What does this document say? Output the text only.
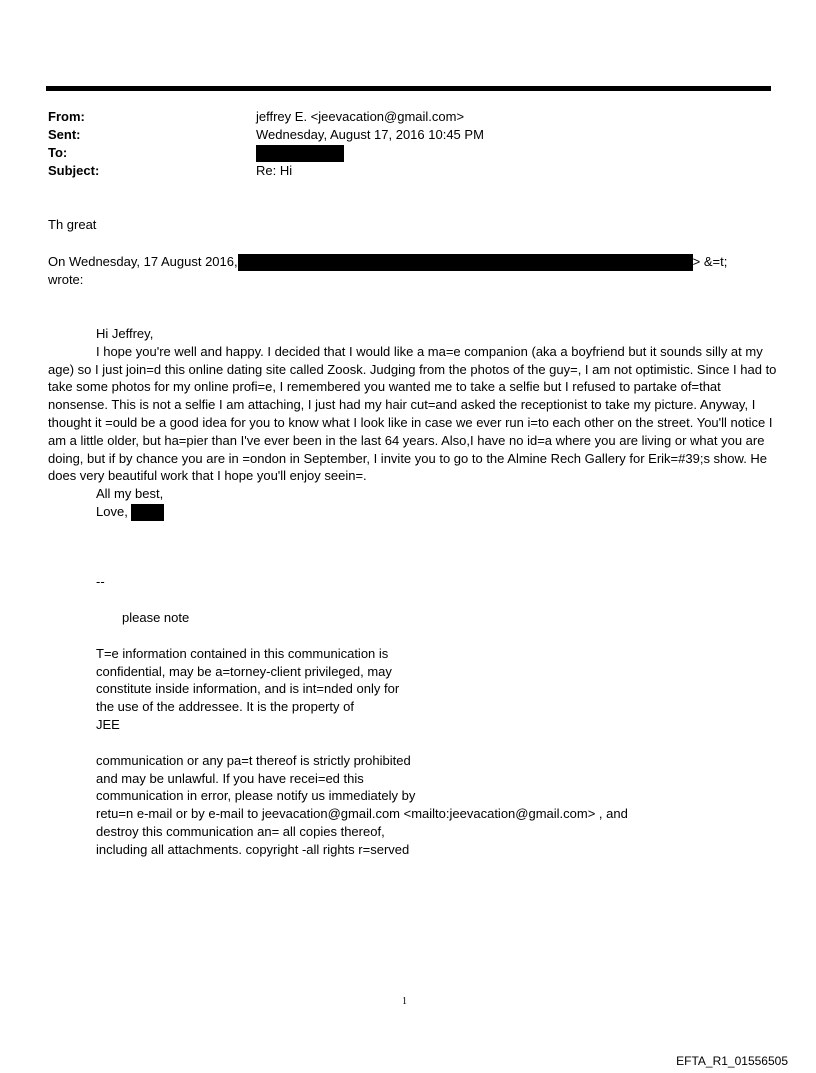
From:	jeffrey E. <jeevacation@gmail.com>
Sent:	Wednesday, August 17, 2016 10:45 PM
To:
Subject:	Re: Hi
Th great
On Wednesday, 17 August 2016,	> &=t;
wrote:

Hi Jeffrey,

I hope you're well and happy. I decided that I would like a ma=e companion (aka a boyfriend but it sounds silly at my age) so I just join=d this online dating site called Zoosk. Judging from the photos of the guy=, I am not optimistic. Since I had to take some photos for my online profi=e, I remembered you wanted me to take a selfie but I refused to partake of=that nonsense. This is not a selfie I am attaching, I just had my hair cut=and asked the receptionist to take my picture. Anyway, I thought it =ould be a good idea for you to know what I look like in case we ever run i=to each other on the street. You'll notice I am a little older, but ha=pier than I've ever been in the last 64 years. Also,I have no id=a where you are living or what you are doing, but if by chance you are in =ondon in September, I invite you to go to the Almine Rech Gallery for Erik=#39;s show. He does very beautiful work that I hope you'll enjoy seein=.

All my best,

Love,

--
please note
T=e information contained in this communication is
confidential, may be a=torney-client privileged, may
constitute inside information, and is int=nded only for
the use of the addressee. It is the property of
JEE
communication or any pa=t thereof is strictly prohibited
and may be unlawful. If you have recei=ed this
communication in error, please notify us immediately by
retu=n e-mail or by e-mail to jeevacation@gmail.com <mailto:jeevacation@gmail.com> , and
destroy this communication an= all copies thereof,
including all attachments. copyright -all rights r=served
1
EFTA_R1_01556505
